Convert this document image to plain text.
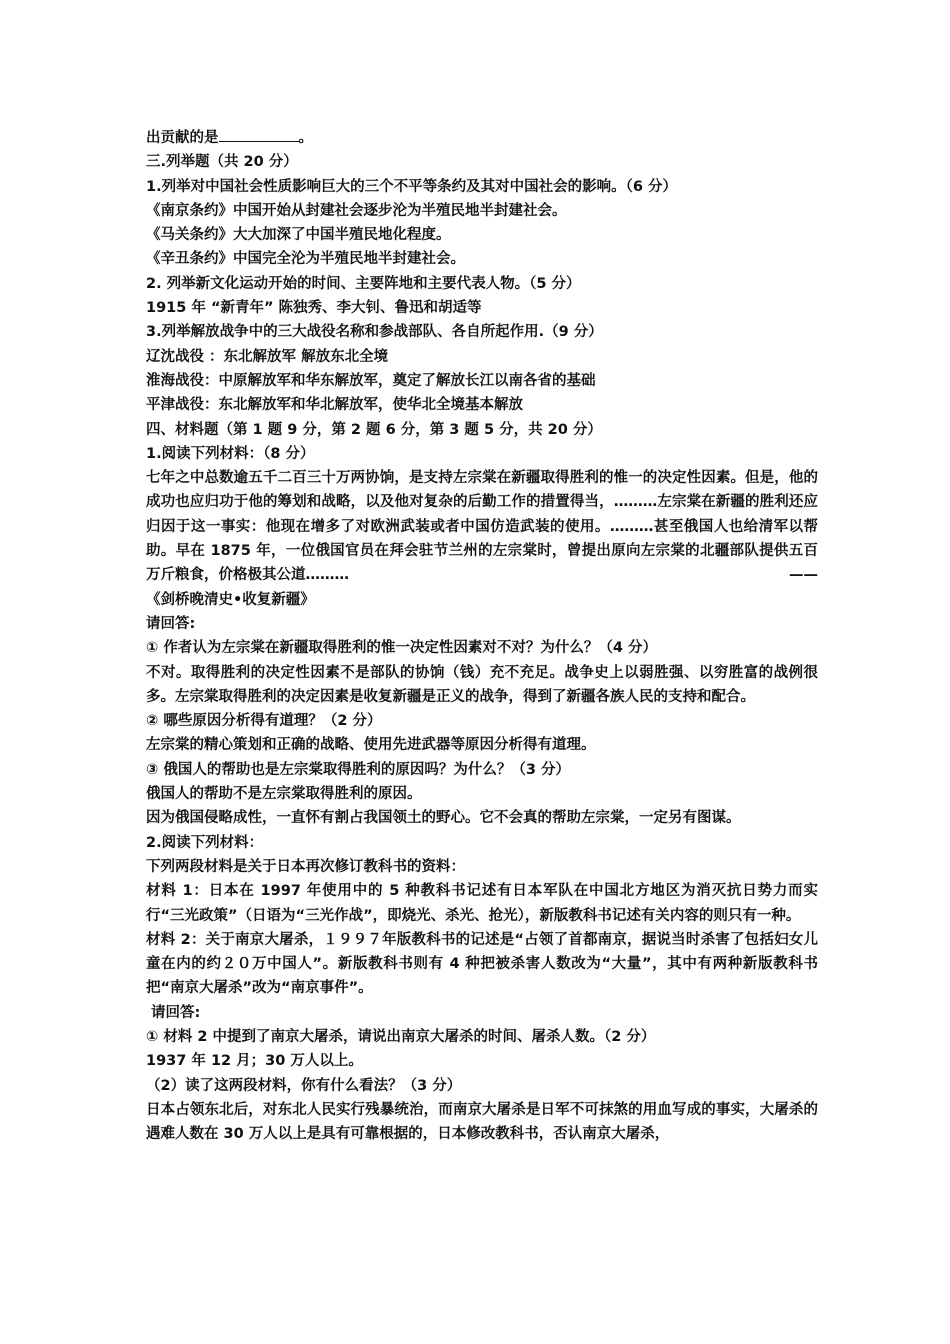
出贡献的是	。
三.列举题（共 20 分）
1.列举对中国社会性质影响巨大的三个不平等条约及其对中国社会的影响。（6 分）
《南京条约》中国开始从封建社会逐步沦为半殖民地半封建社会。
《马关条约》大大加深了中国半殖民地化程度。
《辛丑条约》中国完全沦为半殖民地半封建社会。
2. 列举新文化运动开始的时间、主要阵地和主要代表人物。（5 分）
1915 年 “新青年” 陈独秀、李大钊、鲁迅和胡适等
3.列举解放战争中的三大战役名称和参战部队、各自所起作用.（9 分）
辽沈战役 ：东北解放军 解放东北全境
淮海战役：中原解放军和华东解放军，奠定了解放长江以南各省的基础
平津战役：东北解放军和华北解放军，使华北全境基本解放
四、材料题（第 1 题 9 分，第 2 题 6 分，第 3 题 5 分，共 20 分）
1.阅读下列材料：（8 分）
七年之中总数逾五千二百三十万两协饷，是支持左宗棠在新疆取得胜利的惟一的决定性因素。但是，他的成功也应归功于他的筹划和战略，以及他对复杂的后勤工作的措置得当，………左宗棠在新疆的胜利还应归因于这一事实：他现在增多了对欧洲武装或者中国仿造武装的使用。………甚至俄国人也给清军以帮助。早在 1875 年，一位俄国官员在拜会驻节兰州的左宗棠时，曾提出原向左宗棠的北疆部队提供五百万斤粮食，价格极其公道………	——
《剑桥晚清史•收复新疆》
请回答:
① 作者认为左宗棠在新疆取得胜利的惟一决定性因素对不对？为什么？（4 分）
不对。取得胜利的决定性因素不是部队的协饷（钱）充不充足。战争史上以弱胜强、以穷胜富的战例很多。左宗棠取得胜利的决定因素是收复新疆是正义的战争，得到了新疆各族人民的支持和配合。
② 哪些原因分析得有道理？（2 分）
左宗棠的精心策划和正确的战略、使用先进武器等原因分析得有道理。
③ 俄国人的帮助也是左宗棠取得胜利的原因吗？为什么？（3 分）
俄国人的帮助不是左宗棠取得胜利的原因。
因为俄国侵略成性，一直怀有割占我国领土的野心。它不会真的帮助左宗棠，一定另有图谋。
2.阅读下列材料：
下列两段材料是关于日本再次修订教科书的资料：
材料 1：日本在 1997 年使用中的 5 种教科书记述有日本军队在中国北方地区为消灭抗日势力而实行“三光政策”（日语为“三光作战”，即烧光、杀光、抢光），新版教科书记述有关内容的则只有一种。
材料 2：关于南京大屠杀，１９９７年版教科书的记述是“占领了首都南京，据说当时杀害了包括妇女儿童在内的约２０万中国人”。新版教科书则有 4 种把被杀害人数改为“大量”，其中有两种新版教科书把“南京大屠杀”改为“南京事件”。
请回答:
① 材料 2 中提到了南京大屠杀，请说出南京大屠杀的时间、屠杀人数。（2 分）
1937 年 12 月；30 万人以上。
（2）读了这两段材料，你有什么看法？（3 分）
日本占领东北后，对东北人民实行残暴统治，而南京大屠杀是日军不可抹煞的用血写成的事实，大屠杀的遇难人数在 30 万人以上是具有可靠根据的，日本修改教科书，否认南京大屠杀，
